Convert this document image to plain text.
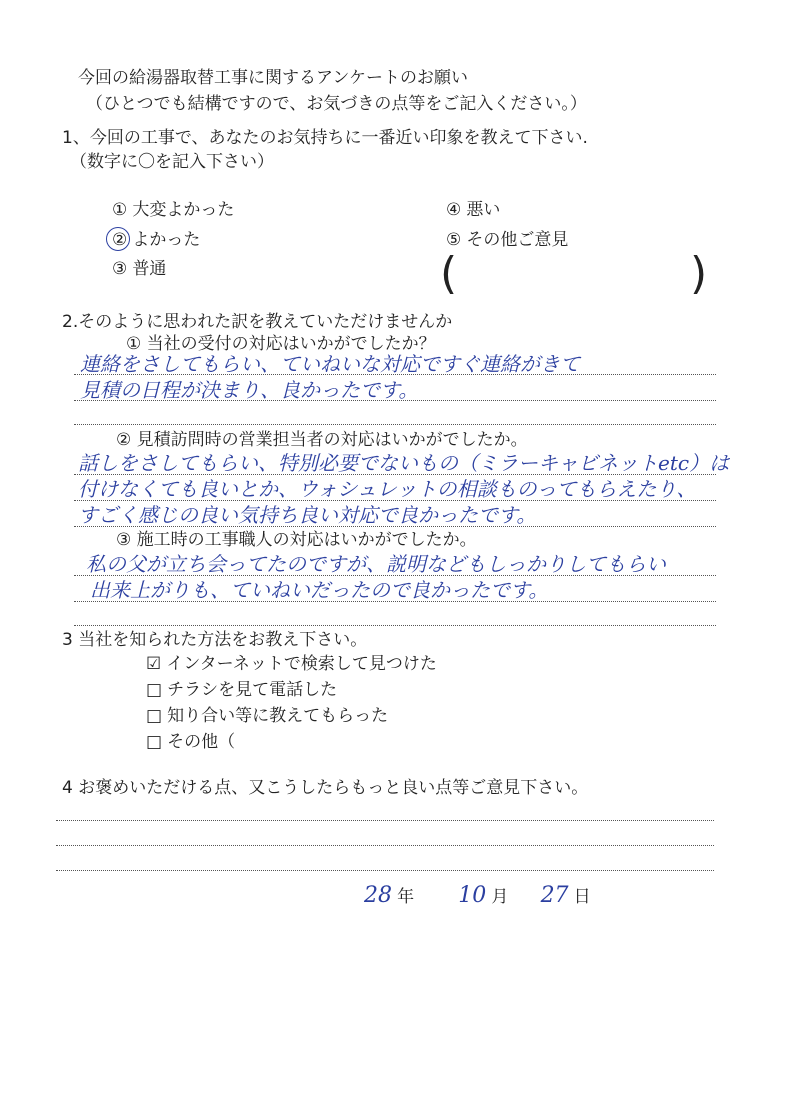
今回の給湯器取替工事に関するアンケートのお願い
（ひとつでも結構ですので、お気づきの点等をご記入ください。）
1、今回の工事で、あなたのお気持ちに一番近い印象を教えて下さい.
（数字に〇を記入下さい）
① 大変よかった
② よかった
③ 普通
④ 悪い
⑤ その他ご意見
(	)
2.そのように思われた訳を教えていただけませんか
① 当社の受付の対応はいかがでしたか？
連絡をさしてもらい、ていねいな対応ですぐ連絡がきて
見積の日程が決まり、良かったです。
② 見積訪問時の営業担当者の対応はいかがでしたか。
話しをさしてもらい、特別必要でないもの（ミラーキャビネットetc）は
付けなくても良いとか、ウォシュレットの相談ものってもらえたり、
すごく感じの良い気持ち良い対応で良かったです。
③ 施工時の工事職人の対応はいかがでしたか。
私の父が立ち会ってたのですが、説明などもしっかりしてもらい
出来上がりも、ていねいだったので良かったです。
3 当社を知られた方法をお教え下さい。
☑ インターネットで検索して見つけた
□ チラシを見て電話した
□ 知り合い等に教えてもらった
□ その他（
4 お褒めいただける点、又こうしたらもっと良い点等ご意見下さい。
28 年 10 月 27 日
